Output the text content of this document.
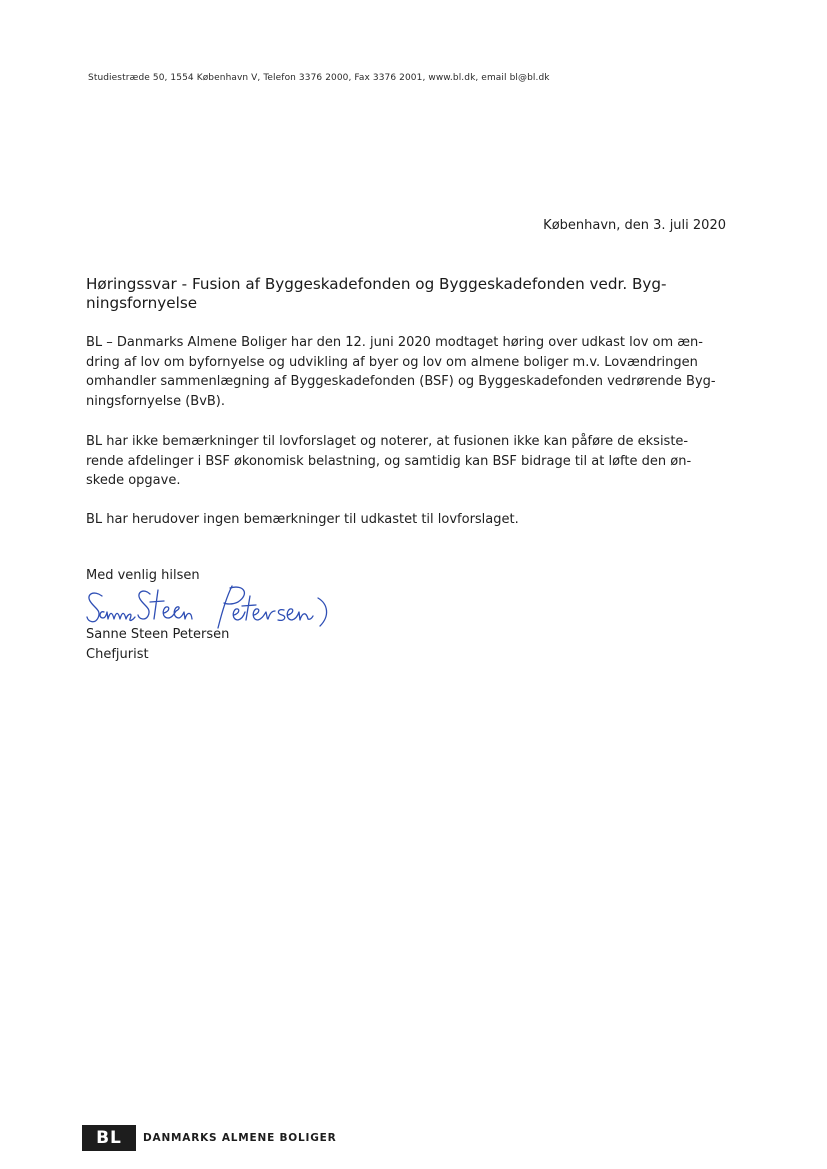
Studiestræde 50, 1554 København V, Telefon 3376 2000, Fax 3376 2001, www.bl.dk, email bl@bl.dk
København, den 3. juli 2020
Høringssvar - Fusion af Byggeskadefonden og Byggeskadefonden vedr. Byg-
ningsfornyelse
BL – Danmarks Almene Boliger har den 12. juni 2020 modtaget høring over udkast lov om æn-
dring af lov om byfornyelse og udvikling af byer og lov om almene boliger m.v. Lovændringen
omhandler sammenlægning af Byggeskadefonden (BSF) og Byggeskadefonden vedrørende Byg-
ningsfornyelse (BvB).
BL har ikke bemærkninger til lovforslaget og noterer, at fusionen ikke kan påføre de eksiste-
rende afdelinger i BSF økonomisk belastning, og samtidig kan BSF bidrage til at løfte den øn-
skede opgave.
BL har herudover ingen bemærkninger til udkastet til lovforslaget.
Med venlig hilsen
Sanne Steen Petersen
Chefjurist
BL DANMARKS ALMENE BOLIGER
